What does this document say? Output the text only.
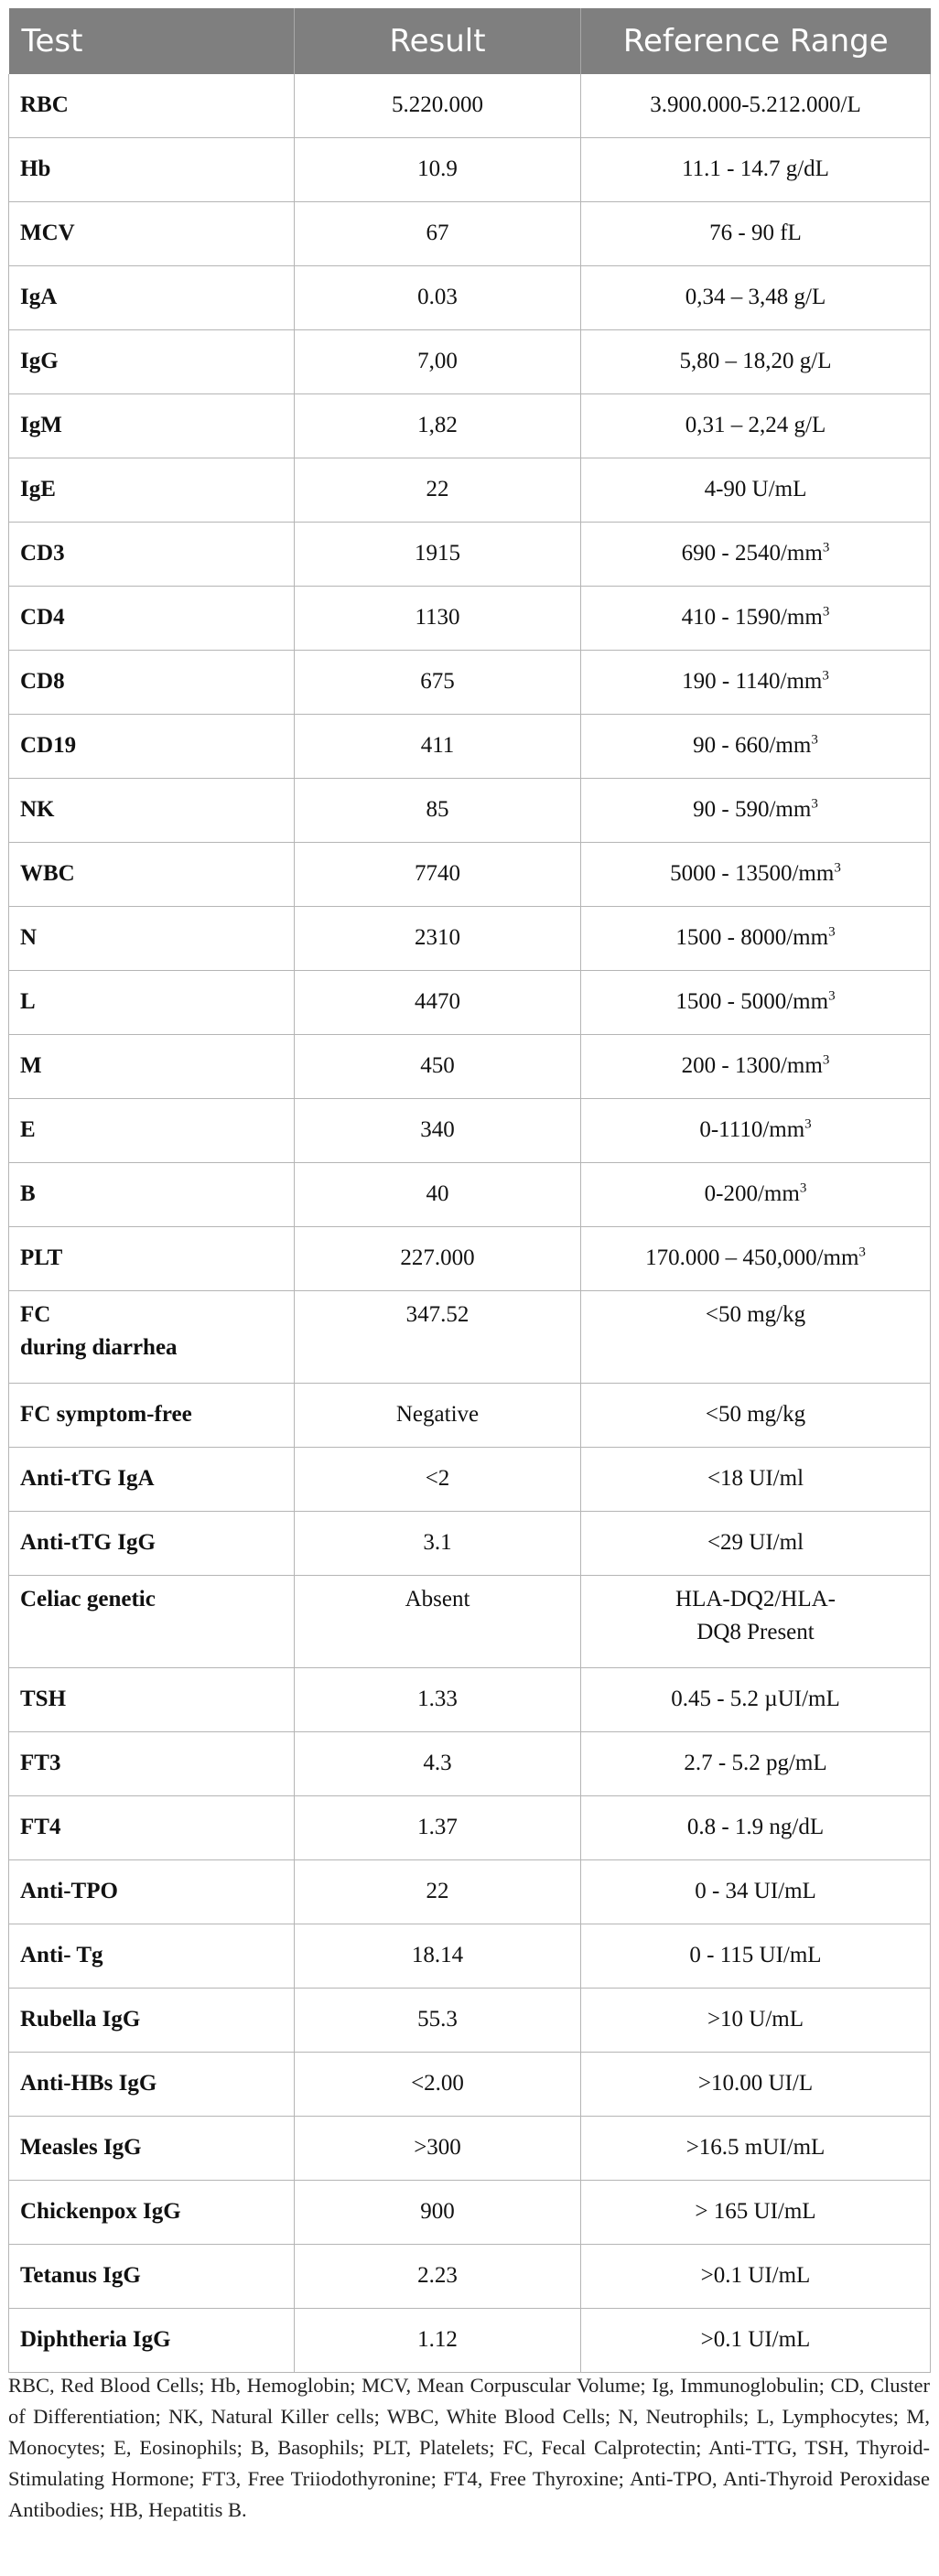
Test	Result	Reference Range
RBC	5.220.000	3.900.000-5.212.000/L
Hb	10.9	11.1 - 14.7 g/dL
MCV	67	76 - 90 fL
IgA	0.03	0,34 – 3,48 g/L
IgG	7,00	5,80 – 18,20 g/L
IgM	1,82	0,31 – 2,24 g/L
IgE	22	4-90 U/mL
CD3	1915	$690 - 2540/mm^3$
CD4	1130	$410 - 1590/mm^3$
CD8	675	$190 - 1140/mm^3$
CD19	411	$90 - 660/mm^3$
NK	85	$90 - 590/mm^3$
WBC	7740	$5000 - 13500/mm^3$
N	2310	$1500 - 8000/mm^3$
L	4470	$1500 - 5000/mm^3$
M	450	$200 - 1300/mm^3$
E	340	$0-1110/mm^3$
B	40	$0-200/mm^3$
PLT	227.000	$170.000 - 450,000/mm^3$
FC
during diarrhea	347.52	<50 mg/kg
FC symptom-free	Negative	<50 mg/kg
Anti-tTG IgA	<2	<18 UI/ml
Anti-tTG IgG	3.1	<29 UI/ml
Celiac genetic	Absent	HLA-DQ2/HLA-
DQ8 Present
TSH	1.33	0.45 - 5.2 µUI/mL
FT3	4.3	2.7 - 5.2 pg/mL
FT4	1.37	0.8 - 1.9 ng/dL
Anti-TPO	22	0 - 34 UI/mL
Anti- Tg	18.14	0 - 115 UI/mL
Rubella IgG	55.3	>10 U/mL
Anti-HBs IgG	<2.00	>10.00 UI/L
Measles IgG	>300	>16.5 mUI/mL
Chickenpox IgG	900	> 165 UI/mL
Tetanus IgG	2.23	>0.1 UI/mL
Diphtheria IgG	1.12	>0.1 UI/mL

RBC, Red Blood Cells; Hb, Hemoglobin; MCV, Mean Corpuscular Volume; Ig, Immunoglobulin; CD, Cluster of Differentiation; NK, Natural Killer cells; WBC, White Blood Cells; N, Neutrophils; L, Lymphocytes; M, Monocytes; E, Eosinophils; B, Basophils; PLT, Platelets; FC, Fecal Calprotectin; Anti-TTG, TSH, Thyroid-Stimulating Hormone; FT3, Free Triiodothyronine; FT4, Free Thyroxine; Anti-TPO, Anti-Thyroid Peroxidase Antibodies; HB, Hepatitis B.
